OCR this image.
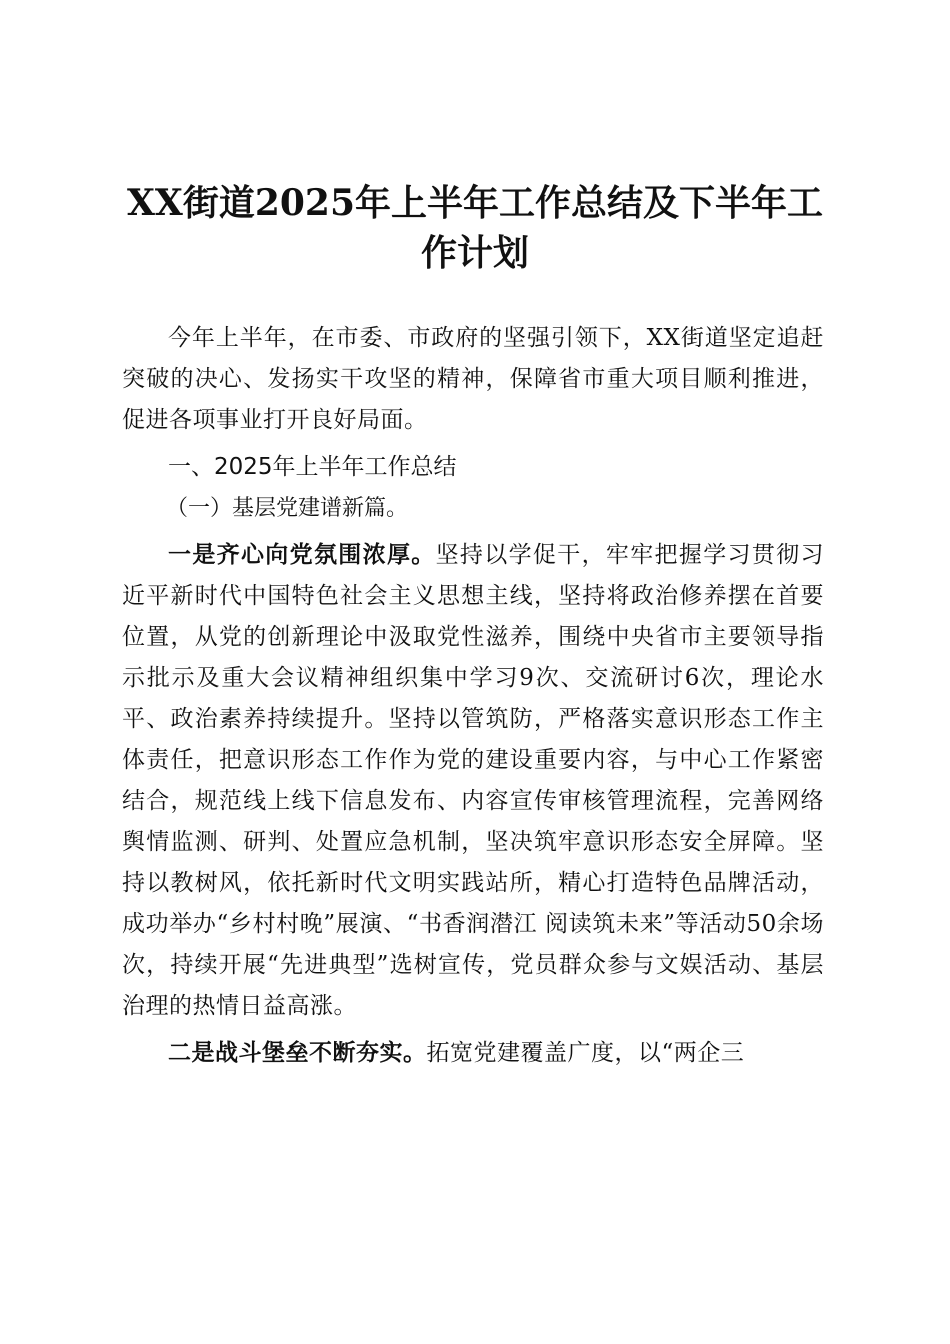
XX街道2025年上半年工作总结及下半年工作计划

今年上半年，在市委、市政府的坚强引领下，XX街道坚定追赶突破的决心、发扬实干攻坚的精神，保障省市重大项目顺利推进，促进各项事业打开良好局面。

一、2025年上半年工作总结

（一）基层党建谱新篇。

一是齐心向党氛围浓厚。坚持以学促干，牢牢把握学习贯彻习近平新时代中国特色社会主义思想主线，坚持将政治修养摆在首要位置，从党的创新理论中汲取党性滋养，围绕中央省市主要领导指示批示及重大会议精神组织集中学习9次、交流研讨6次，理论水平、政治素养持续提升。坚持以管筑防，严格落实意识形态工作主体责任，把意识形态工作作为党的建设重要内容，与中心工作紧密结合，规范线上线下信息发布、内容宣传审核管理流程，完善网络舆情监测、研判、处置应急机制，坚决筑牢意识形态安全屏障。坚持以教树风，依托新时代文明实践站所，精心打造特色品牌活动，成功举办“乡村村晚”展演、“书香润潜江 阅读筑未来”等活动50余场次，持续开展“先进典型”选树宣传，党员群众参与文娱活动、基层治理的热情日益高涨。

二是战斗堡垒不断夯实。拓宽党建覆盖广度，以“两企三
